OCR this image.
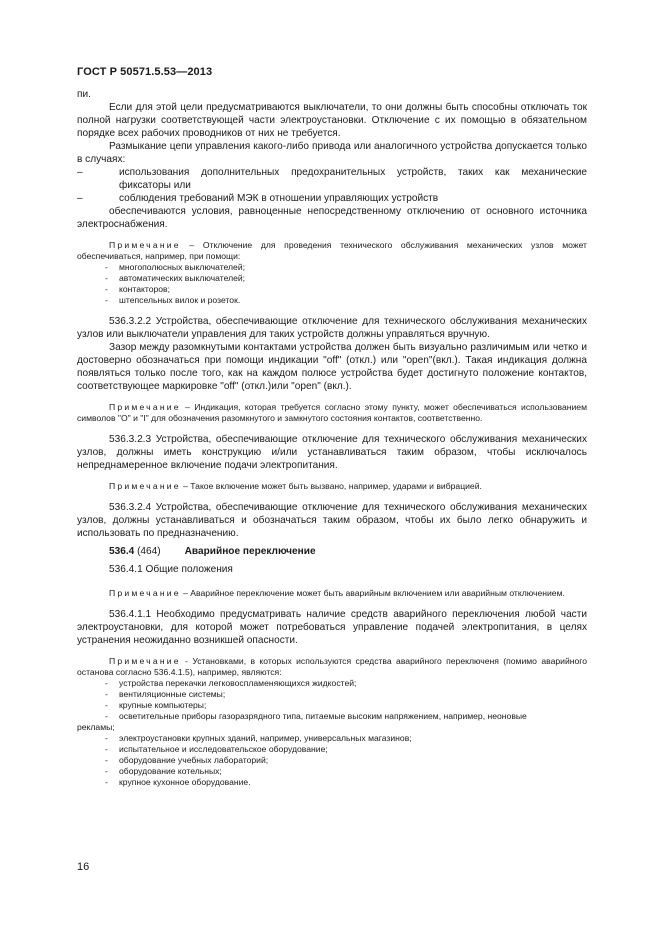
ГОСТ Р 50571.5.53—2013

пи.

Если для этой цели предусматриваются выключатели, то они должны быть способны отключать ток полной нагрузки соответствующей части электроустановки. Отключение с их помощью в обязательном порядке всех рабочих проводников от них не требуется.

Размыкание цепи управления какого-либо привода или аналогичного устройства допускается только в случаях:

– использования дополнительных предохранительных устройств, таких как механические фиксаторы или

– соблюдения требований МЭК в отношении управляющих устройств

обеспечиваются условия, равноценные непосредственному отключению от основного источника электроснабжения.

Примечание – Отключение для проведения технического обслуживания механических узлов может обеспечиваться, например, при помощи:

- многополюсных выключателей;
- автоматических выключателей;
- контакторов;
- штепсельных вилок и розеток.

536.3.2.2 Устройства, обеспечивающие отключение для технического обслуживания механических узлов или выключатели управления для таких устройств должны управляться вручную.

Зазор между разомкнутыми контактами устройства должен быть визуально различимым или четко и достоверно обозначаться при помощи индикации "off" (откл.) или "open"(вкл.). Такая индикация должна появляться только после того, как на каждом полюсе устройства будет достигнуто положение контактов, соответствующее маркировке "off" (откл.)или "open" (вкл.).

Примечание – Индикация, которая требуется согласно этому пункту, может обеспечиваться использованием символов "О" и "I" для обозначения разомкнутого и замкнутого состояния контактов, соответственно.

536.3.2.3 Устройства, обеспечивающие отключение для технического обслуживания механических узлов, должны иметь конструкцию и/или устанавливаться таким образом, чтобы исключалось непреднамеренное включение подачи электропитания.

Примечание – Такое включение может быть вызвано, например, ударами и вибрацией.

536.3.2.4 Устройства, обеспечивающие отключение для технического обслуживания механических узлов, должны устанавливаться и обозначаться таким образом, чтобы их было легко обнаружить и использовать по предназначению.

536.4 (464) Аварийное переключение

536.4.1 Общие положения

Примечание – Аварийное переключение может быть аварийным включением или аварийным отключением.

536.4.1.1 Необходимо предусматривать наличие средств аварийного переключения любой части электроустановки, для которой может потребоваться управление подачей электропитания, в целях устранения неожиданно возникшей опасности.

Примечание - Установками, в которых используются средства аварийного переключеня (помимо аварийного останова согласно 536.4.1.5), например, являются:

- устройства перекачки легковоспламеняющихся жидкостей;
- вентиляционные системы;
- крупные компьютеры;
- осветительные приборы газоразрядного типа, питаемые высоким напряжением, например, неоновые

рекламы;

- электроустановки крупных зданий, например, универсальных магазинов;
- испытательное и исследовательское оборудование;
- оборудование учебных лабораторий;
- оборудование котельных;
- крупное кухонное оборудование.
16
